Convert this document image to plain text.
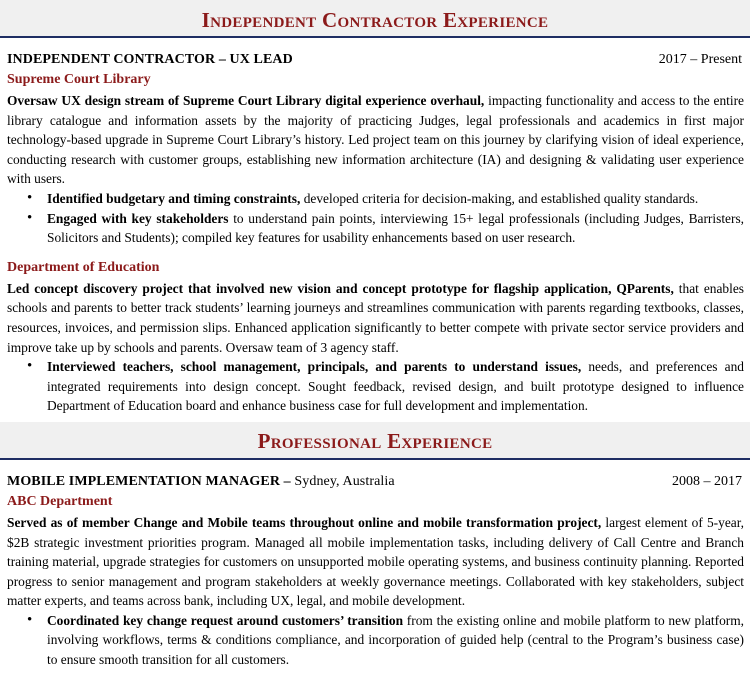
Independent Contractor Experience
INDEPENDENT CONTRACTOR – UX LEAD	2017 – Present
Supreme Court Library

Oversaw UX design stream of Supreme Court Library digital experience overhaul, impacting functionality and access to the entire library catalogue and information assets by the majority of practicing Judges, legal professionals and academics in first major technology-based upgrade in Supreme Court Library’s history. Led project team on this journey by clarifying vision of ideal experience, conducting research with customer groups, establishing new information architecture (IA) and designing & validating user experience with users.

• Identified budgetary and timing constraints, developed criteria for decision-making, and established quality standards.
• Engaged with key stakeholders to understand pain points, interviewing 15+ legal professionals (including Judges, Barristers, Solicitors and Students); compiled key features for usability enhancements based on user research.
Department of Education

Led concept discovery project that involved new vision and concept prototype for flagship application, QParents, that enables schools and parents to better track students’ learning journeys and streamlines communication with parents regarding textbooks, classes, resources, invoices, and permission slips. Enhanced application significantly to better compete with private sector service providers and improve take up by schools and parents. Oversaw team of 3 agency staff.

• Interviewed teachers, school management, principals, and parents to understand issues, needs, and preferences and integrated requirements into design concept. Sought feedback, revised design, and built prototype designed to influence Department of Education board and enhance business case for full development and implementation.
Professional Experience
MOBILE IMPLEMENTATION MANAGER – Sydney, Australia	2008 – 2017
ABC Department

Served as of member Change and Mobile teams throughout online and mobile transformation project, largest element of 5-year, $2B strategic investment priorities program. Managed all mobile implementation tasks, including delivery of Call Centre and Branch training material, upgrade strategies for customers on unsupported mobile operating systems, and business continuity planning. Reported progress to senior management and program stakeholders at weekly governance meetings. Collaborated with key stakeholders, subject matter experts, and teams across bank, including UX, legal, and mobile development.

• Coordinated key change request around customers’ transition from the existing online and mobile platform to new platform, involving workflows, terms & conditions compliance, and incorporation of guided help (central to the Program’s business case) to ensure smooth transition for all customers.
